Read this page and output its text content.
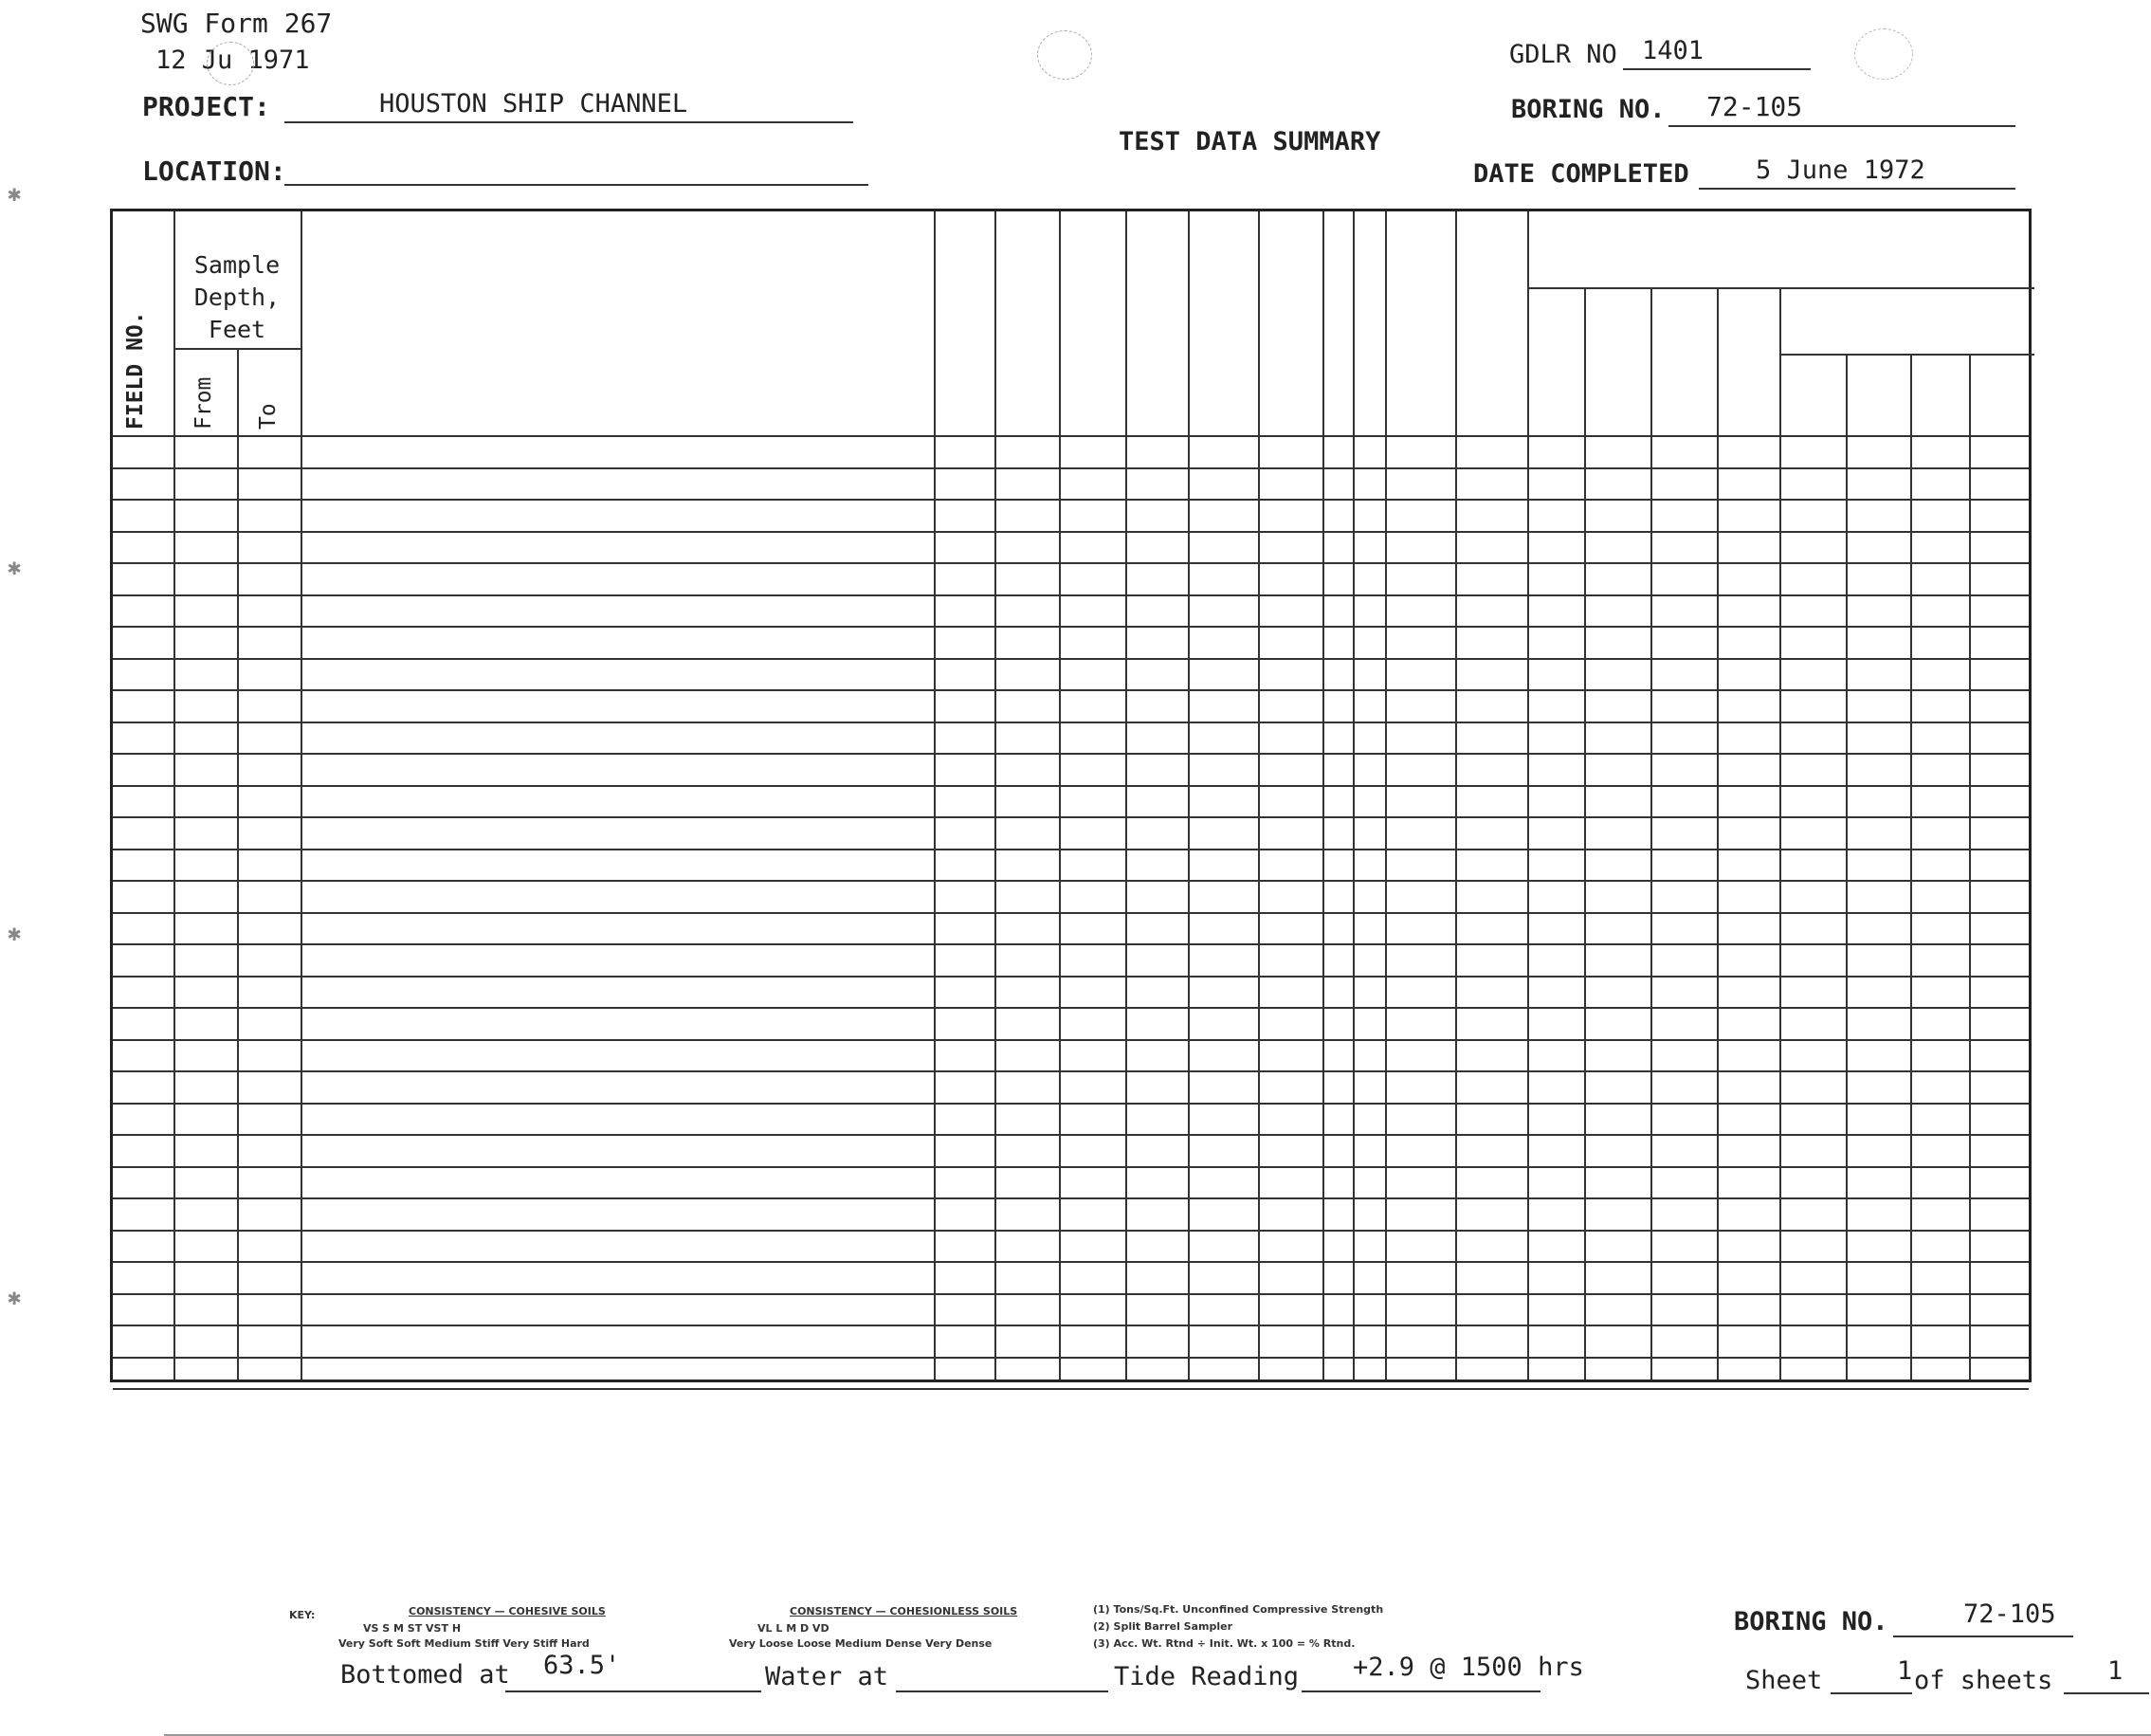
SWG Form 267
12 Ju 1971
PROJECT:	HOUSTON SHIP CHANNEL
LOCATION:
TEST DATA SUMMARY
GDLR NO 1401
BORING NO. 72-105
DATE COMPLETED	5 June 1972
✱
✱
✱
✱
FIELD NO.
Sample Depth, Feet
From To
KEY:	CONSISTENCY — COHESIVE SOILS
VS S M ST VST H
Very Soft Soft Medium Stiff Very Stiff Hard
CONSISTENCY — COHESIONLESS SOILS
VL L M D VD
Very Loose Loose Medium Dense Very Dense
(1) Tons/Sq.Ft. Unconfined Compressive Strength
(2) Split Barrel Sampler
(3) Acc. Wt. Rtnd ÷ Init. Wt. x 100 = % Rtnd.
Bottomed at 63.5'	Water at	Tide Reading +2.9 @ 1500 hrs
BORING NO.	72-105
Sheet	1 of sheets 1
